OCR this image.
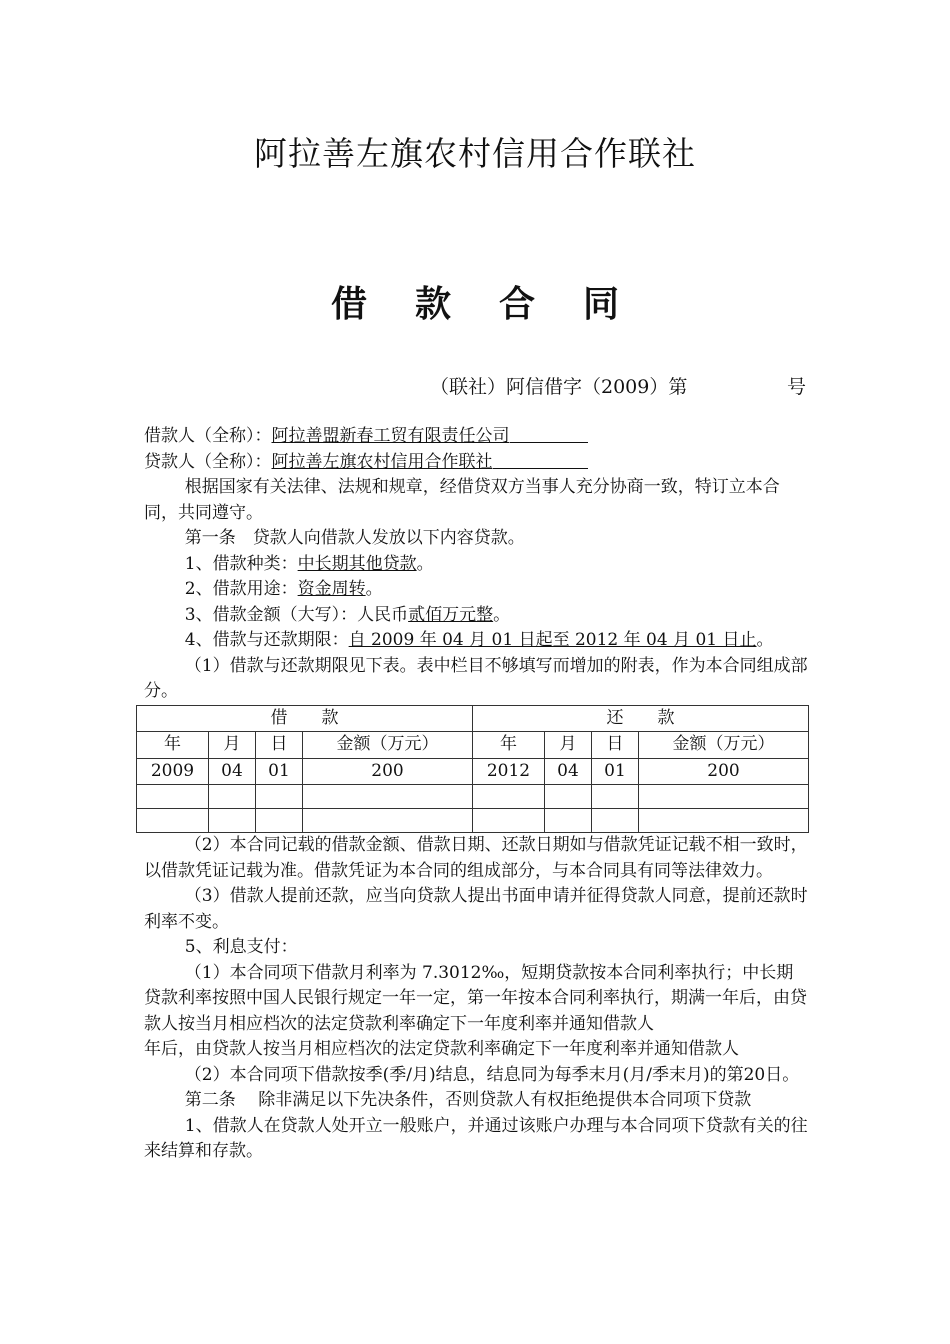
阿拉善左旗农村信用合作联社
借 款 合 同
（联社）阿信借字（2009）第	号

借款人（全称）：阿拉善盟新春工贸有限责任公司

贷款人（全称）：阿拉善左旗农村信用合作联社

根据国家有关法律、法规和规章，经借贷双方当事人充分协商一致，特订立本合同，共同遵守。

第一条　贷款人向借款人发放以下内容贷款。

1、借款种类：中长期其他贷款。

2、借款用途：资金周转。

3、借款金额（大写）：人民币贰佰万元整。

4、借款与还款期限：自 2009 年 04 月 01 日起至 2012 年 04 月 01 日止。

（1）借款与还款期限见下表。表中栏目不够填写而增加的附表，作为本合同组成部分。

借　　款				还　　款			
年	月	日	金额（万元）	年	月	日	金额（万元）
2009	04	01	200	2012	04	01	200

（2）本合同记载的借款金额、借款日期、还款日期如与借款凭证记载不相一致时，以借款凭证记载为准。借款凭证为本合同的组成部分，与本合同具有同等法律效力。

（3）借款人提前还款，应当向贷款人提出书面申请并征得贷款人同意，提前还款时利率不变。

5、利息支付：

（1）本合同项下借款月利率为 7.3012‰，短期贷款按本合同利率执行；中长期贷款利率按照中国人民银行规定一年一定，第一年按本合同利率执行，期满一年后，由贷款人按当月相应档次的法定贷款利率确定下一年度利率并通知借款人

年后，由贷款人按当月相应档次的法定贷款利率确定下一年度利率并通知借款人

（2）本合同项下借款按季(季/月)结息，结息同为每季末月(月/季末月)的第20日。

第二条　 除非满足以下先决条件，否则贷款人有权拒绝提供本合同项下贷款

1、借款人在贷款人处开立一般账户，并通过该账户办理与本合同项下贷款有关的往来结算和存款。
